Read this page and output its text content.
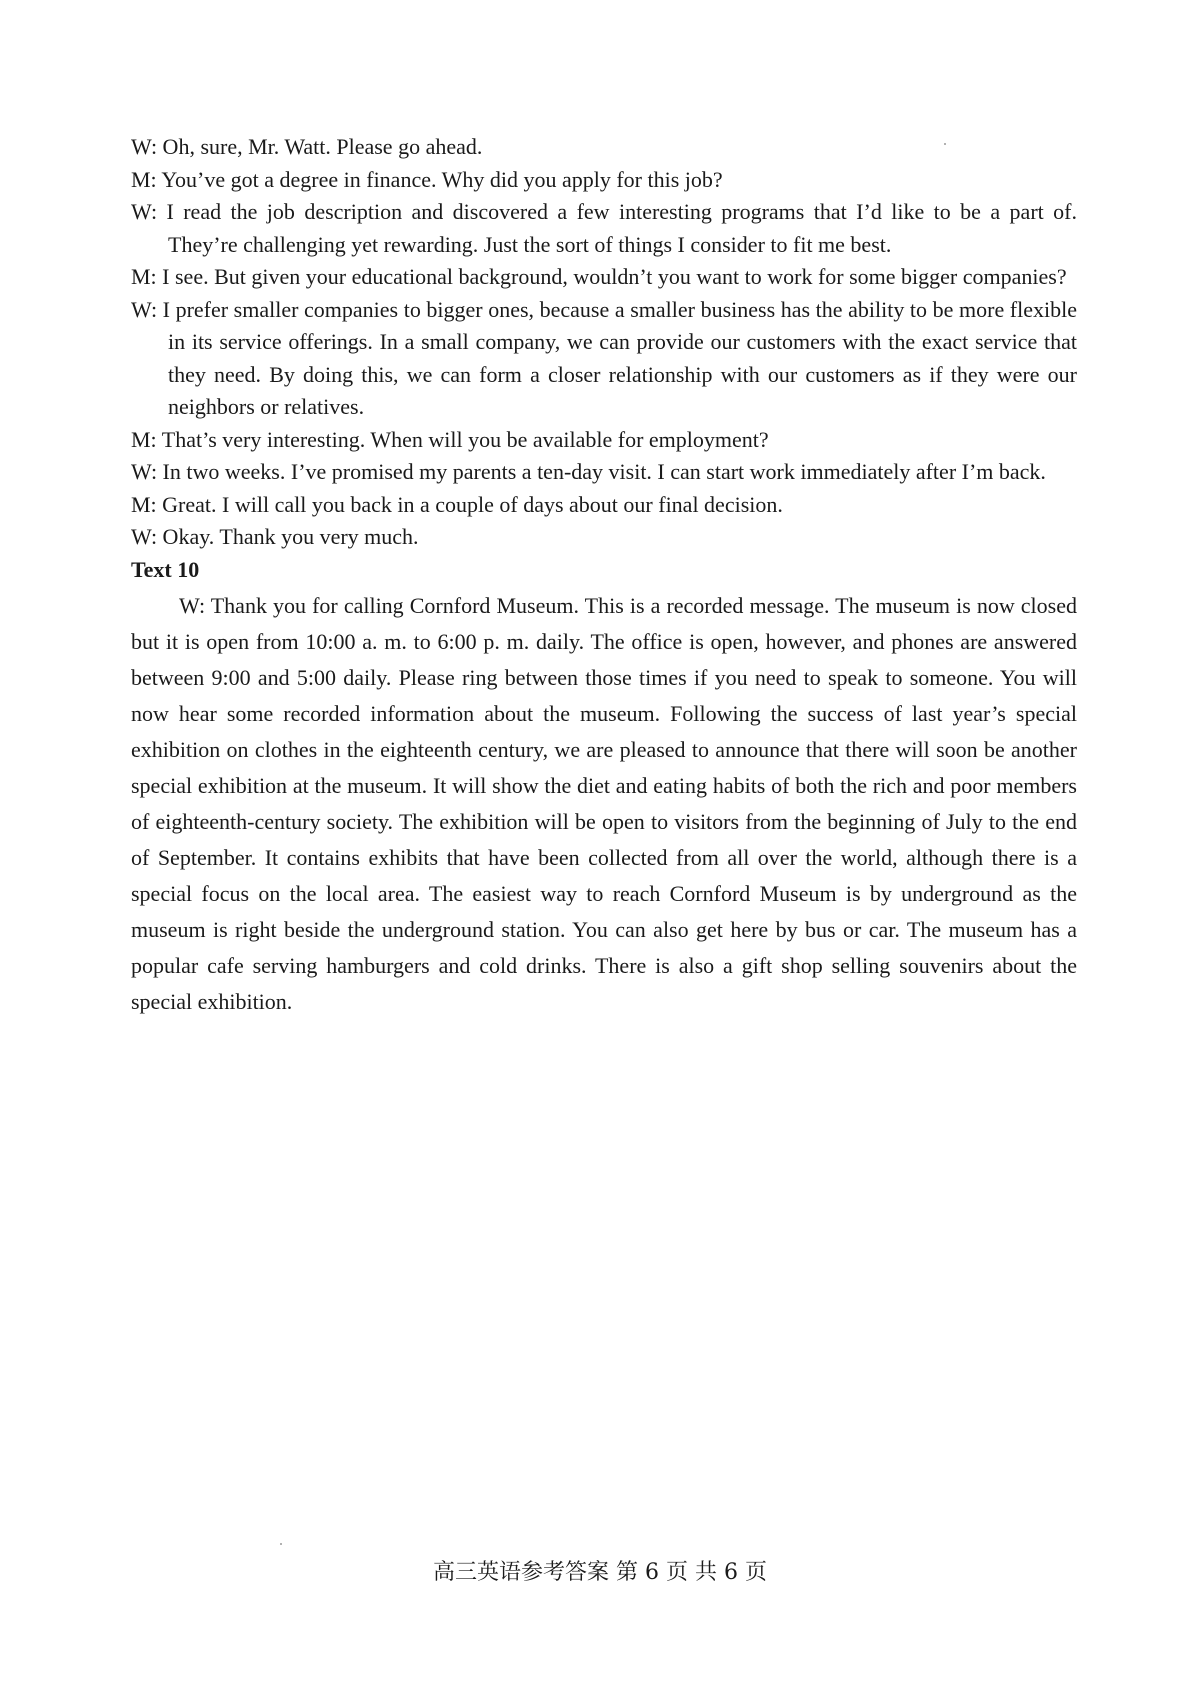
W: Oh, sure, Mr. Watt. Please go ahead.

M: You’ve got a degree in finance. Why did you apply for this job?

W: I read the job description and discovered a few interesting programs that I’d like to be a part of. They’re challenging yet rewarding. Just the sort of things I consider to fit me best.

M: I see. But given your educational background, wouldn’t you want to work for some bigger companies?

W: I prefer smaller companies to bigger ones, because a smaller business has the ability to be more flexible in its service offerings. In a small company, we can provide our customers with the exact service that they need. By doing this, we can form a closer relationship with our customers as if they were our neighbors or relatives.

M: That’s very interesting. When will you be available for employment?

W: In two weeks. I’ve promised my parents a ten-day visit. I can start work immediately after I’m back.

M: Great. I will call you back in a couple of days about our final decision.

W: Okay. Thank you very much.

Text 10

W: Thank you for calling Cornford Museum. This is a recorded message. The museum is now closed but it is open from 10:00 a. m. to 6:00 p. m. daily. The office is open, however, and phones are answered between 9:00 and 5:00 daily. Please ring between those times if you need to speak to someone. You will now hear some recorded information about the museum. Following the success of last year’s special exhibition on clothes in the eighteenth century, we are pleased to announce that there will soon be another special exhibition at the museum. It will show the diet and eating habits of both the rich and poor members of eighteenth-century society. The exhibition will be open to visitors from the beginning of July to the end of September. It contains exhibits that have been collected from all over the world, although there is a special focus on the local area. The easiest way to reach Cornford Museum is by underground as the museum is right beside the underground station. You can also get here by bus or car. The museum has a popular cafe serving hamburgers and cold drinks. There is also a gift shop selling souvenirs about the special exhibition.

高三英语参考答案 第 6 页 共 6 页
